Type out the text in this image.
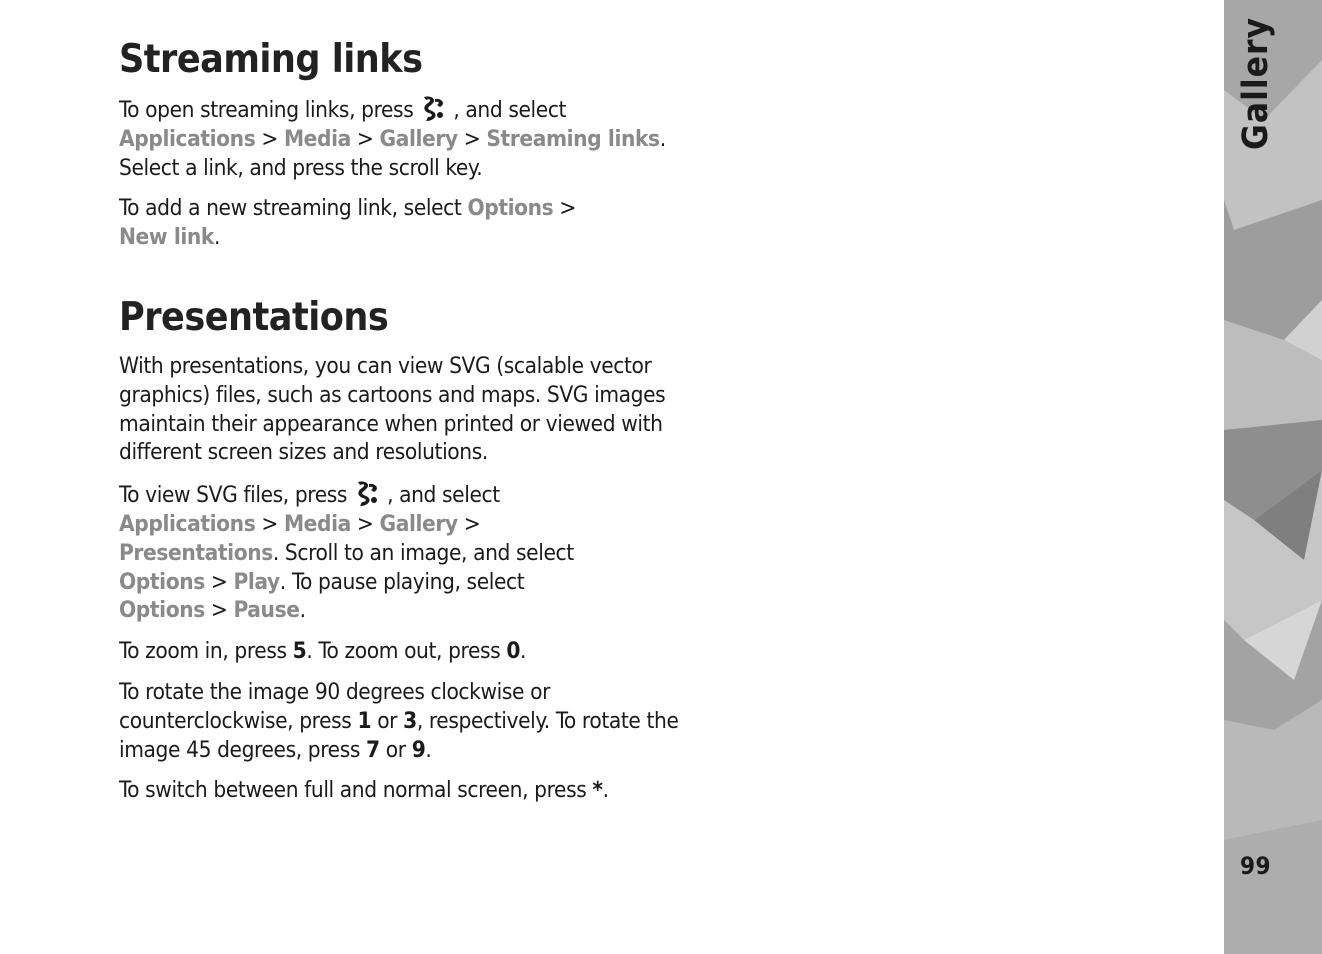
Streaming links

To open streaming links, press , and select Applications > Media > Gallery > Streaming links. Select a link, and press the scroll key.

To add a new streaming link, select Options >
New link.

Presentations

With presentations, you can view SVG (scalable vector graphics) files, such as cartoons and maps. SVG images maintain their appearance when printed or viewed with different screen sizes and resolutions.

To view SVG files, press , and select
Applications > Media > Gallery >
Presentations. Scroll to an image, and select
Options > Play. To pause playing, select
Options > Pause.

To zoom in, press 5. To zoom out, press 0.

To rotate the image 90 degrees clockwise or counterclockwise, press 1 or 3, respectively. To rotate the image 45 degrees, press 7 or 9.

To switch between full and normal screen, press *.

Gallery
99
